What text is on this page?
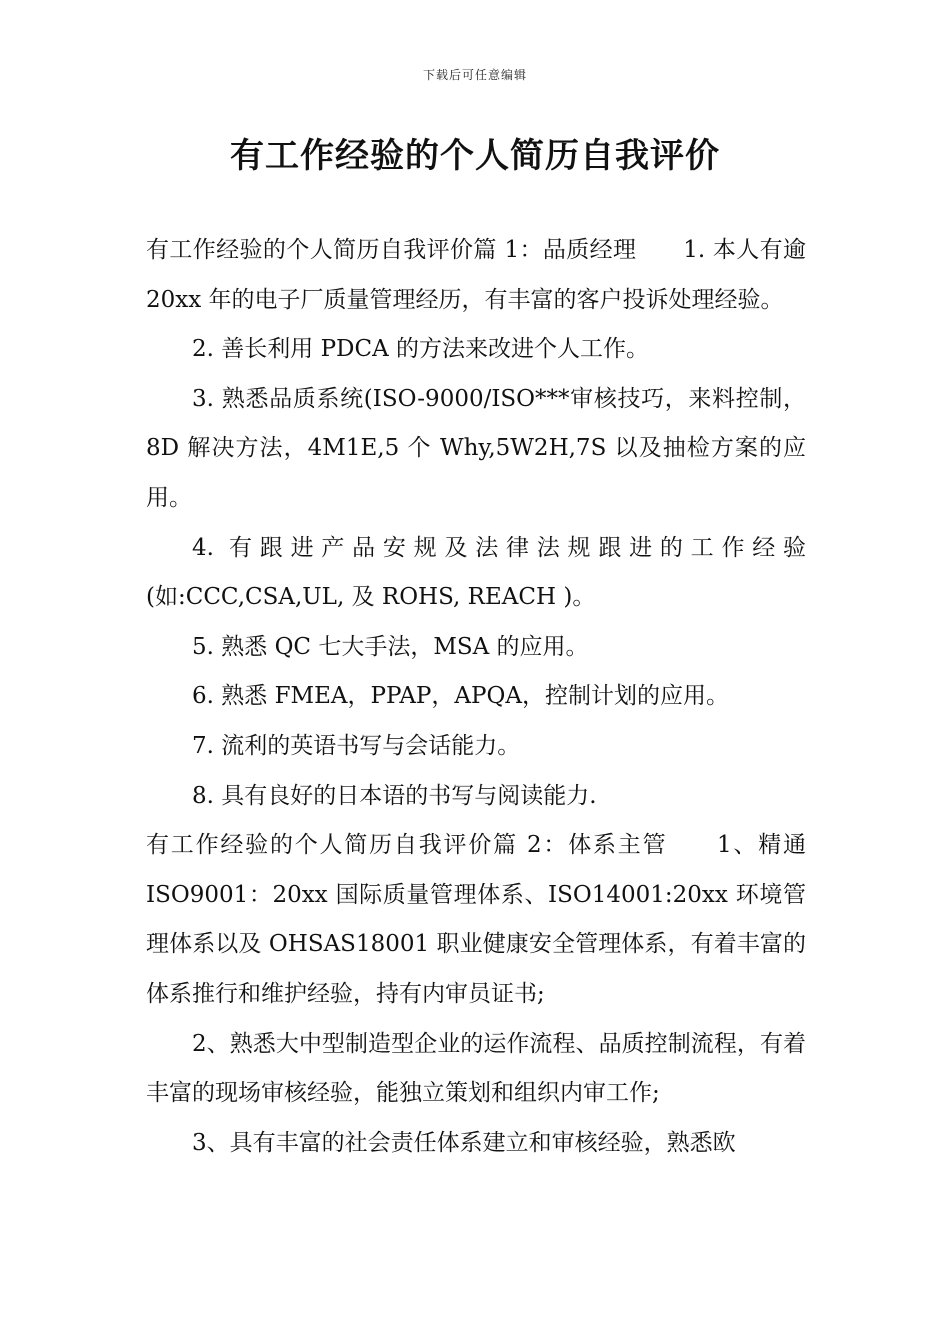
下载后可任意编辑
有工作经验的个人简历自我评价

有工作经验的个人简历自我评价篇 1：品质经理　　1. 本人有逾 20xx 年的电子厂质量管理经历，有丰富的客户投诉处理经验。

2. 善长利用 PDCA 的方法来改进个人工作。

3. 熟悉品质系统(ISO-9000/ISO***审核技巧，来料控制，8D 解决方法，4M1E,5 个 Why,5W2H,7S 以及抽检方案的应用。

4. 有跟进产品安规及法律法规跟进的工作经验(如:CCC,CSA,UL, 及 ROHS, REACH )。

5. 熟悉 QC 七大手法，MSA 的应用。

6. 熟悉 FMEA，PPAP，APQA，控制计划的应用。

7. 流利的英语书写与会话能力。

8. 具有良好的日本语的书写与阅读能力.

有工作经验的个人简历自我评价篇 2：体系主管　　1、精通 ISO9001：20xx 国际质量管理体系、ISO14001:20xx 环境管理体系以及 OHSAS18001 职业健康安全管理体系，有着丰富的体系推行和维护经验，持有内审员证书;

2、熟悉大中型制造型企业的运作流程、品质控制流程，有着丰富的现场审核经验，能独立策划和组织内审工作;

3、具有丰富的社会责任体系建立和审核经验，熟悉欧
